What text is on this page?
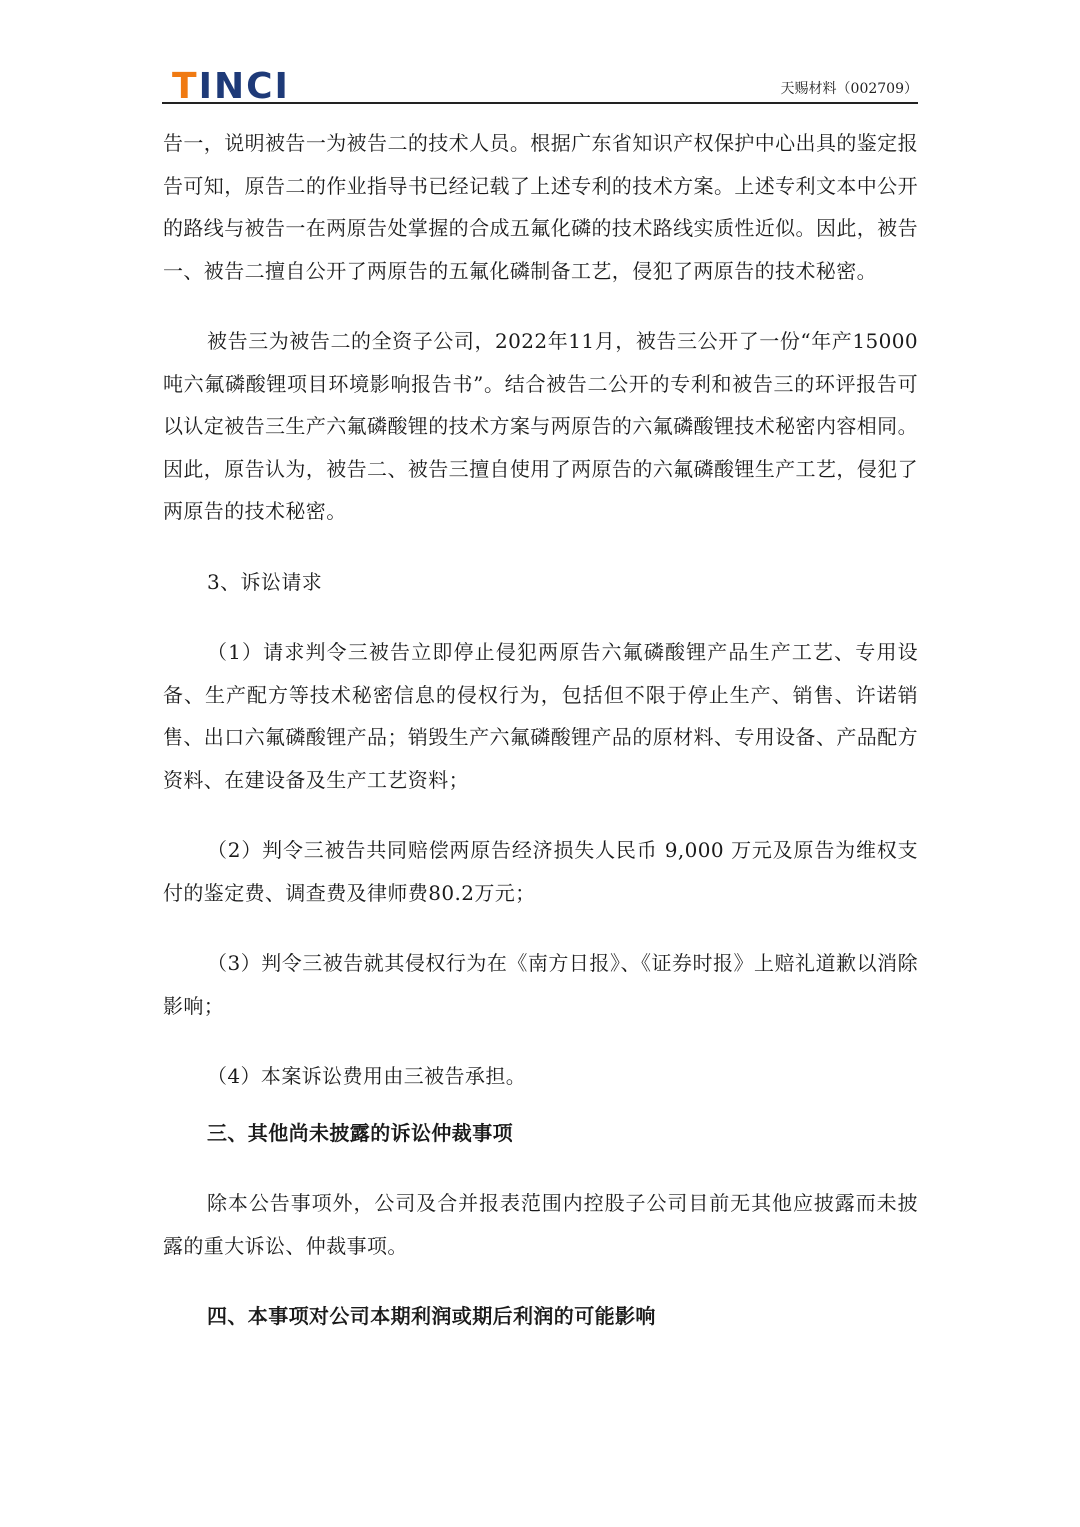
TINCI	天赐材料（002709）

告一，说明被告一为被告二的技术人员。根据广东省知识产权保护中心出具的鉴定报告可知，原告二的作业指导书已经记载了上述专利的技术方案。上述专利文本中公开的路线与被告一在两原告处掌握的合成五氟化磷的技术路线实质性近似。因此，被告一、被告二擅自公开了两原告的五氟化磷制备工艺，侵犯了两原告的技术秘密。

被告三为被告二的全资子公司，2022年11月，被告三公开了一份“年产15000吨六氟磷酸锂项目环境影响报告书”。结合被告二公开的专利和被告三的环评报告可以认定被告三生产六氟磷酸锂的技术方案与两原告的六氟磷酸锂技术秘密内容相同。因此，原告认为，被告二、被告三擅自使用了两原告的六氟磷酸锂生产工艺，侵犯了两原告的技术秘密。

3、诉讼请求

（1）请求判令三被告立即停止侵犯两原告六氟磷酸锂产品生产工艺、专用设备、生产配方等技术秘密信息的侵权行为，包括但不限于停止生产、销售、许诺销售、出口六氟磷酸锂产品；销毁生产六氟磷酸锂产品的原材料、专用设备、产品配方资料、在建设备及生产工艺资料；

（2）判令三被告共同赔偿两原告经济损失人民币 9,000 万元及原告为维权支付的鉴定费、调查费及律师费80.2万元；

（3）判令三被告就其侵权行为在《南方日报》、《证券时报》上赔礼道歉以消除影响；

（4）本案诉讼费用由三被告承担。

三、其他尚未披露的诉讼仲裁事项

除本公告事项外，公司及合并报表范围内控股子公司目前无其他应披露而未披露的重大诉讼、仲裁事项。

四、本事项对公司本期利润或期后利润的可能影响
